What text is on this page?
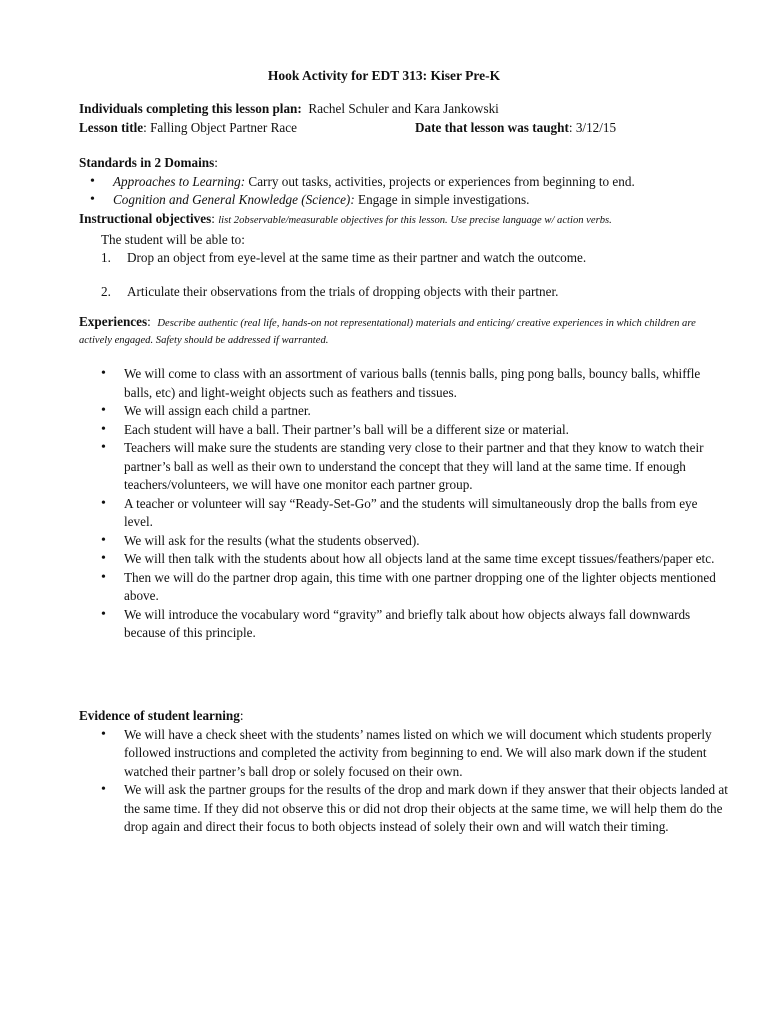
Hook Activity for EDT 313: Kiser Pre-K
Individuals completing this lesson plan: Rachel Schuler and Kara Jankowski
Lesson title: Falling Object Partner Race	Date that lesson was taught: 3/12/15
Standards in 2 Domains:
• Approaches to Learning: Carry out tasks, activities, projects or experiences from beginning to end.
• Cognition and General Knowledge (Science): Engage in simple investigations.
Instructional objectives: list 2observable/measurable objectives for this lesson. Use precise language w/ action verbs.
The student will be able to:
1. Drop an object from eye-level at the same time as their partner and watch the outcome.
2. Articulate their observations from the trials of dropping objects with their partner.
Experiences:  Describe authentic (real life, hands-on not representational) materials and enticing/ creative experiences in which children are actively engaged. Safety should be addressed if warranted.
• We will come to class with an assortment of various balls (tennis balls, ping pong balls, bouncy balls, whiffle balls, etc) and light-weight objects such as feathers and tissues.
• We will assign each child a partner.
• Each student will have a ball. Their partner’s ball will be a different size or material.
• Teachers will make sure the students are standing very close to their partner and that they know to watch their partner’s ball as well as their own to understand the concept that they will land at the same time. If enough teachers/volunteers, we will have one monitor each partner group.
• A teacher or volunteer will say “Ready-Set-Go” and the students will simultaneously drop the balls from eye level.
• We will ask for the results (what the students observed).
• We will then talk with the students about how all objects land at the same time except tissues/feathers/paper etc.
• Then we will do the partner drop again, this time with one partner dropping one of the lighter objects mentioned above.
• We will introduce the vocabulary word “gravity” and briefly talk about how objects always fall downwards because of this principle.
Evidence of student learning:
• We will have a check sheet with the students’ names listed on which we will document which students properly followed instructions and completed the activity from beginning to end. We will also mark down if the student watched their partner’s ball drop or solely focused on their own.
• We will ask the partner groups for the results of the drop and mark down if they answer that their objects landed at the same time. If they did not observe this or did not drop their objects at the same time, we will help them do the drop again and direct their focus to both objects instead of solely their own and will watch their timing.
